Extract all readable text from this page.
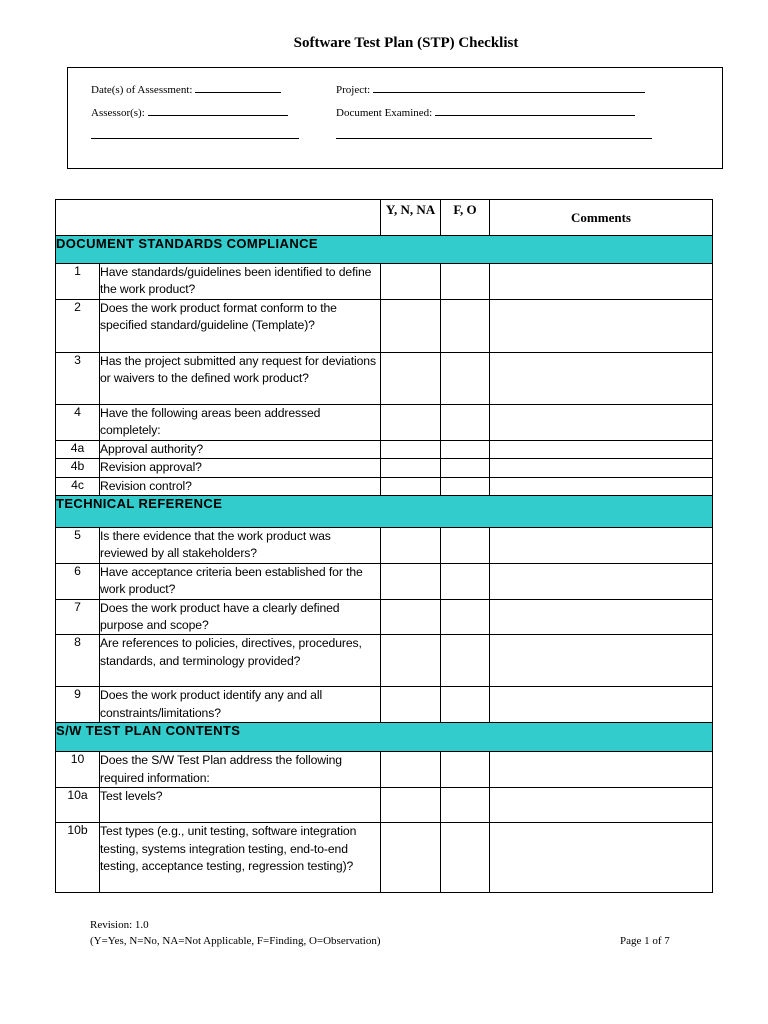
Software Test Plan (STP) Checklist
Date(s) of Assessment:
Assessor(s):
Project:
Document Examined:
		Y, N, NA	F, O	Comments
DOCUMENT STANDARDS COMPLIANCE				
1	Have standards/guidelines been identified to define the work product?			
2	Does the work product format conform to the specified standard/guideline (Template)?			
3	Has the project submitted any request for deviations or waivers to the defined work product?			
4	Have the following areas been addressed completely:			
4a	Approval authority?			
4b	Revision approval?			
4c	Revision control?			
TECHNICAL REFERENCE				
5	Is there evidence that the work product was reviewed by all stakeholders?			
6	Have acceptance criteria been established for the work product?			
7	Does the work product have a clearly defined purpose and scope?			
8	Are references to policies, directives, procedures, standards, and terminology provided?			
9	Does the work product identify any and all constraints/limitations?			
S/W TEST PLAN CONTENTS				
10	Does the S/W Test Plan address the following required information:			
10a	Test levels?			
10b	Test types (e.g., unit testing, software integration testing, systems integration testing, end-to-end testing, acceptance testing, regression testing)?			
Revision: 1.0
(Y=Yes, N=No, NA=Not Applicable, F=Finding, O=Observation)	Page 1 of 7
